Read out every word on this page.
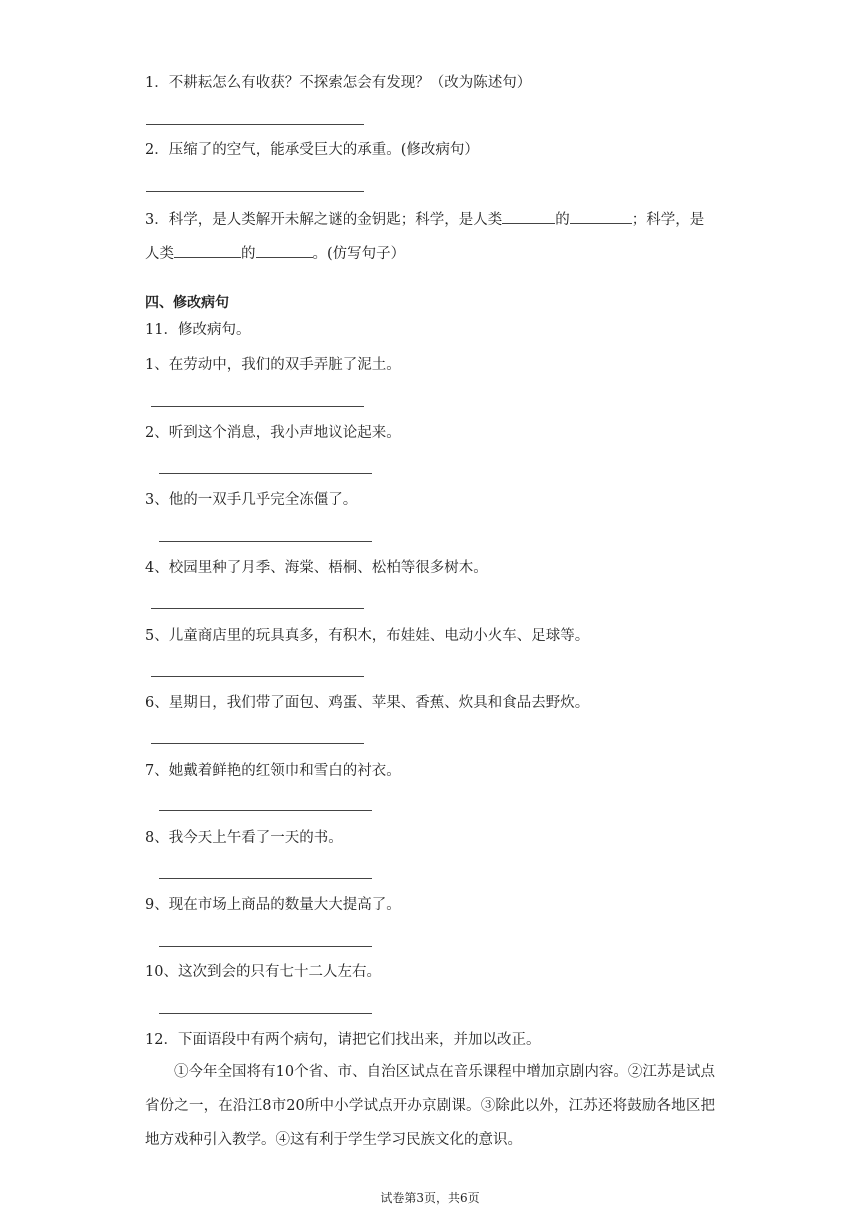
1．不耕耘怎么有收获？不探索怎会有发现？（改为陈述句）
2．压缩了的空气，能承受巨大的承重。(修改病句）
3．科学，是人类解开未解之谜的金钥匙；科学，是人类	的	；科学，是
人类	的	。(仿写句子）
四、修改病句
11．修改病句。
1、在劳动中，我们的双手弄脏了泥土。
2、听到这个消息，我小声地议论起来。
3、他的一双手几乎完全冻僵了。
4、校园里种了月季、海棠、梧桐、松柏等很多树木。
5、儿童商店里的玩具真多，有积木，布娃娃、电动小火车、足球等。
6、星期日，我们带了面包、鸡蛋、苹果、香蕉、炊具和食品去野炊。
7、她戴着鲜艳的红领巾和雪白的衬衣。
8、我今天上午看了一天的书。
9、现在市场上商品的数量大大提高了。
10、这次到会的只有七十二人左右。
12．下面语段中有两个病句，请把它们找出来，并加以改正。
①今年全国将有10个省、市、自治区试点在音乐课程中增加京剧内容。②江苏是试点省份之一，在沿江8市20所中小学试点开办京剧课。③除此以外，江苏还将鼓励各地区把地方戏种引入教学。④这有利于学生学习民族文化的意识。
试卷第3页，共6页
